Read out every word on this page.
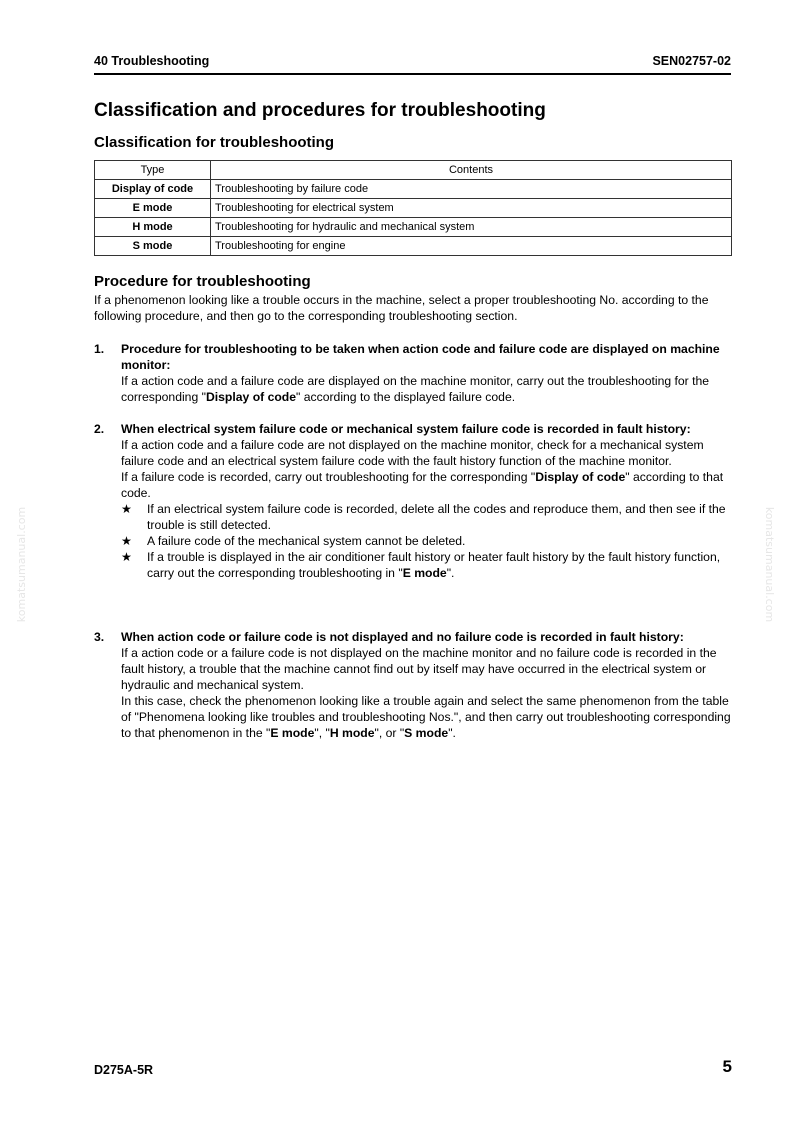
40 Troubleshooting	SEN02757-02
Classification and procedures for troubleshooting
Classification for troubleshooting
Type	Contents
Display of code	Troubleshooting by failure code
E mode	Troubleshooting for electrical system
H mode	Troubleshooting for hydraulic and mechanical system
S mode	Troubleshooting for engine
Procedure for troubleshooting

If a phenomenon looking like a trouble occurs in the machine, select a proper troubleshooting No. according to the following procedure, and then go to the corresponding troubleshooting section.

1. Procedure for troubleshooting to be taken when action code and failure code are displayed on machine monitor:

If a action code and a failure code are displayed on the machine monitor, carry out the troubleshooting for the corresponding "Display of code" according to the displayed failure code.

2. When electrical system failure code or mechanical system failure code is recorded in fault history:

If a action code and a failure code are not displayed on the machine monitor, check for a mechanical system failure code and an electrical system failure code with the fault history function of the machine monitor.

If a failure code is recorded, carry out troubleshooting for the corresponding "Display of code" according to that code.

★ If an electrical system failure code is recorded, delete all the codes and reproduce them, and then see if the trouble is still detected.
★ A failure code of the mechanical system cannot be deleted.
★ If a trouble is displayed in the air conditioner fault history or heater fault history by the fault history function, carry out the corresponding troubleshooting in "E mode".
3. When action code or failure code is not displayed and no failure code is recorded in fault history:

If a action code or a failure code is not displayed on the machine monitor and no failure code is recorded in the fault history, a trouble that the machine cannot find out by itself may have occurred in the electrical system or hydraulic and mechanical system.

In this case, check the phenomenon looking like a trouble again and select the same phenomenon from the table of "Phenomena looking like troubles and troubleshooting Nos.", and then carry out troubleshooting corresponding to that phenomenon in the "E mode", "H mode", or "S mode".

D275A-5R	5
komatsumanual.com	komatsumanual.com
